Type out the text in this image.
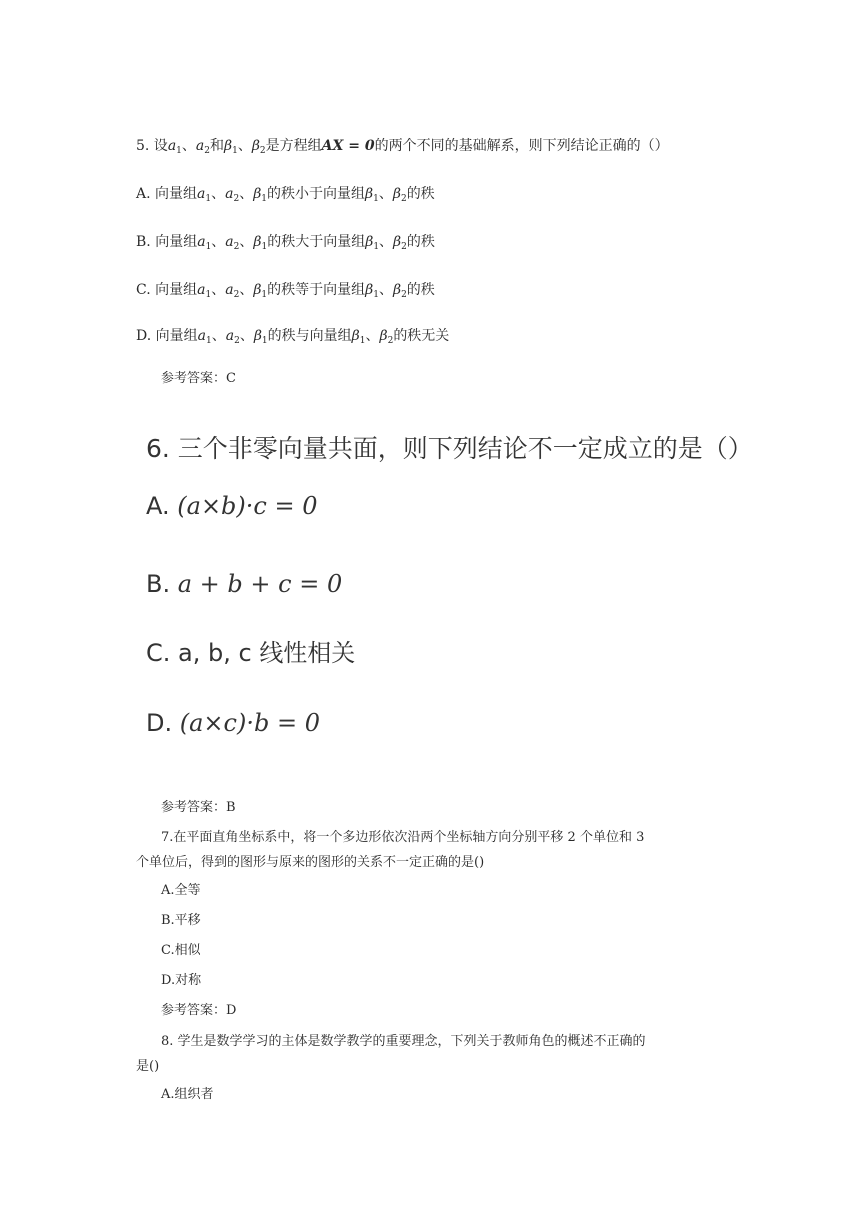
5. 设$a_1$、$a_2$和$\beta_1$、$\beta_2$是方程组AX = 0的两个不同的基础解系，则下列结论正确的（）
A. 向量组$a_1$、$a_2$、$\beta_1$的秩小于向量组$\beta_1$、$\beta_2$的秩
B. 向量组$a_1$、$a_2$、$\beta_1$的秩大于向量组$\beta_1$、$\beta_2$的秩
C. 向量组$a_1$、$a_2$、$\beta_1$的秩等于向量组$\beta_1$、$\beta_2$的秩
D. 向量组$a_1$、$a_2$、$\beta_1$的秩与向量组$\beta_1$、$\beta_2$的秩无关
参考答案：C
6. 三个非零向量共面，则下列结论不一定成立的是（）
A. (a×b)·c = 0
B. a + b + c = 0
C. a, b, c 线性相关
D. (a×c)·b = 0
参考答案：B
7.在平面直角坐标系中，将一个多边形依次沿两个坐标轴方向分别平移 2 个单位和 3
个单位后，得到的图形与原来的图形的关系不一定正确的是()
A.全等
B.平移
C.相似
D.对称
参考答案：D
8. 学生是数学学习的主体是数学教学的重要理念，下列关于教师角色的概述不正确的
是()
A.组织者
